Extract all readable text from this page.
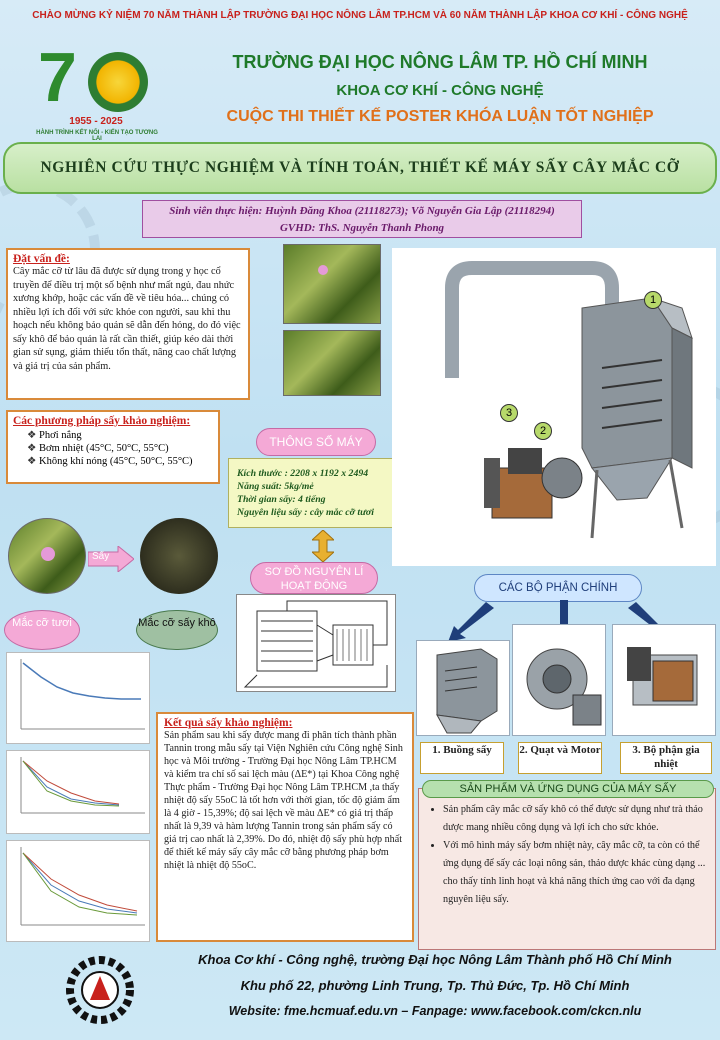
CHÀO MỪNG KỶ NIỆM 70 NĂM THÀNH LẬP TRƯỜNG ĐẠI HỌC NÔNG LÂM TP.HCM VÀ 60 NĂM THÀNH LẬP KHOA CƠ KHÍ - CÔNG NGHỆ
7
1955 - 2025
HÀNH TRÌNH KẾT NỐI - KIẾN TẠO TƯƠNG LAI
TRƯỜNG ĐẠI HỌC NÔNG LÂM TP. HỒ CHÍ MINH
KHOA CƠ KHÍ - CÔNG NGHỆ
CUỘC THI THIẾT KẾ POSTER KHÓA LUẬN TỐT NGHIỆP
NGHIÊN CỨU THỰC NGHIỆM VÀ TÍNH TOÁN, THIẾT KẾ MÁY SẤY CÂY MẮC CỠ
Sinh viên thực hiện: Huỳnh Đăng Khoa (21118273); Võ Nguyễn Gia Lập (21118294)
GVHD: ThS. Nguyễn Thanh Phong
Đặt vấn đề:
Cây mắc cỡ từ lâu đã được sử dụng trong y học cổ truyền để điều trị một số bệnh như mất ngủ, đau nhức xương khớp, hoặc các vấn đề về tiêu hóa... chúng có nhiều lợi ích đối với sức khỏe con người, sau khi thu hoạch nếu không bảo quản sẽ dẫn đến hỏng, do đó việc sấy khô để bảo quản là rất cần thiết, giúp kéo dài thời gian sử sụng, giảm thiểu tổn thất, nâng cao chất lượng và giá trị của sản phẩm.
Các phương pháp sấy khảo nghiệm:
❖ Phơi nắng
❖ Bơm nhiệt (45°C, 50°C, 55°C)
❖ Không khí nóng (45°C, 50°C, 55°C)
Sấy
Mắc cỡ tươi	Mắc cỡ sấy khô
THÔNG SỐ MÁY
Kích thước : 2208 x 1192 x 2494
Năng suất: 5kg/mẻ
Thời gian sấy: 4 tiếng
Nguyên liệu sấy : cây mắc cỡ tươi
1
2
3
SƠ ĐỒ NGUYÊN LÍ HOẠT ĐỘNG	CÁC BỘ PHẬN CHÍNH
1. Buồng sấy	2. Quạt và Motor	3. Bộ phận gia nhiệt
• Sản phẩm cây mắc cỡ sấy khô có thể được sử dụng như trà thảo dược mang nhiều công dụng và lợi ích cho sức khỏe.
• Với mô hình máy sấy bơm nhiệt này, cây mắc cỡ, ta còn có thể ứng dụng để sấy các loại nông sản, thảo dược khác cùng dạng ... cho thấy tính linh hoạt và khả năng thích ứng cao với đa dạng nguyên liệu sấy.
SẢN PHẨM VÀ ỨNG DỤNG CỦA MÁY SẤY
Kết quả sấy khảo nghiệm:
Sản phẩm sau khi sấy được mang đi phân tích thành phần Tannin trong mẫu sấy tại Viện Nghiên cứu Công nghệ Sinh học và Môi trường - Trường Đại học Nông Lâm TP.HCM và kiểm tra chỉ số sai lệch màu (ΔE*) tại Khoa Công nghệ Thực phẩm - Trường Đại học Nông Lâm TP.HCM ,ta thấy nhiệt độ sấy 55oC là tốt hơn với thời gian, tốc độ giảm ẩm là 4 giờ - 15,39%; độ sai lệch về màu ΔE* có giá trị thấp nhất là 9,39 và hàm lượng Tannin trong sản phẩm sấy có giá trị cao nhất là 2,39%. Do đó, nhiệt độ sấy phù hợp nhất để thiết kế máy sấy cây mắc cỡ bằng phương pháp bơm nhiệt là nhiệt độ 55oC.
Khoa Cơ khí - Công nghệ, trường Đại học Nông Lâm Thành phố Hồ Chí Minh
Khu phố 22, phường Linh Trung, Tp. Thủ Đức, Tp. Hồ Chí Minh
Website: fme.hcmuaf.edu.vn – Fanpage: www.facebook.com/ckcn.nlu
